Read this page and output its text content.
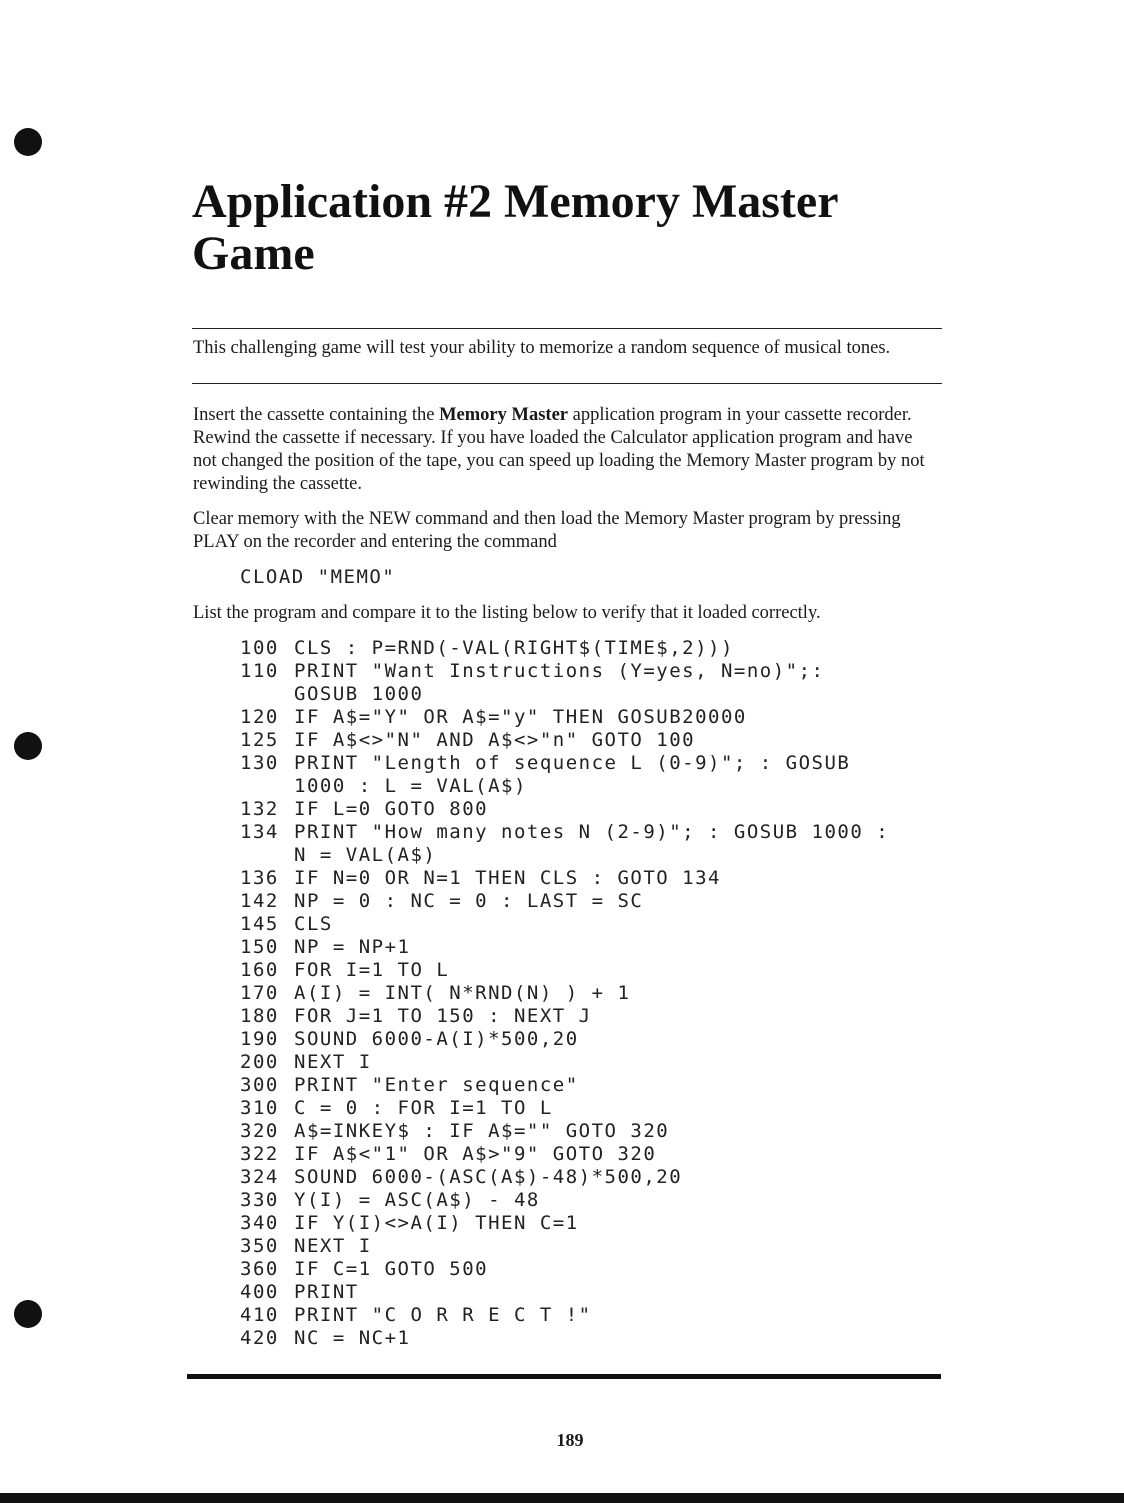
Application #2 Memory Master Game

This challenging game will test your ability to memorize a random sequence of musical tones.

Insert the cassette containing the Memory Master application program in your cassette recorder. Rewind the cassette if necessary. If you have loaded the Calculator application program and have not changed the position of the tape, you can speed up loading the Memory Master program by not rewinding the cassette.

Clear memory with the NEW command and then load the Memory Master program by pressing PLAY on the recorder and entering the command

CLOAD "MEMO"

List the program and compare it to the listing below to verify that it loaded correctly.

100 CLS : P=RND(-VAL(RIGHT$(TIME$,2)))
110 PRINT "Want Instructions (Y=yes, N=no)";:
GOSUB 1000
120 IF A$="Y" OR A$="y" THEN GOSUB20000
125 IF A$<>"N" AND A$<>"n" GOTO 100
130 PRINT "Length of sequence L (0-9)"; : GOSUB
1000 : L = VAL(A$)
132 IF L=0 GOTO 800
134 PRINT "How many notes N (2-9)"; : GOSUB 1000 :
N = VAL(A$)
136 IF N=0 OR N=1 THEN CLS : GOTO 134
142 NP = 0 : NC = 0 : LAST = SC
145 CLS
150 NP = NP+1
160 FOR I=1 TO L
170 A(I) = INT( N*RND(N) ) + 1
180 FOR J=1 TO 150 : NEXT J
190 SOUND 6000-A(I)*500,20
200 NEXT I
300 PRINT "Enter sequence"
310 C = 0 : FOR I=1 TO L
320 A$=INKEY$ : IF A$="" GOTO 320
322 IF A$<"1" OR A$>"9" GOTO 320
324 SOUND 6000-(ASC(A$)-48)*500,20
330 Y(I) = ASC(A$) - 48
340 IF Y(I)<>A(I) THEN C=1
350 NEXT I
360 IF C=1 GOTO 500
400 PRINT
410 PRINT "C O R R E C T !"
420 NC = NC+1
189
